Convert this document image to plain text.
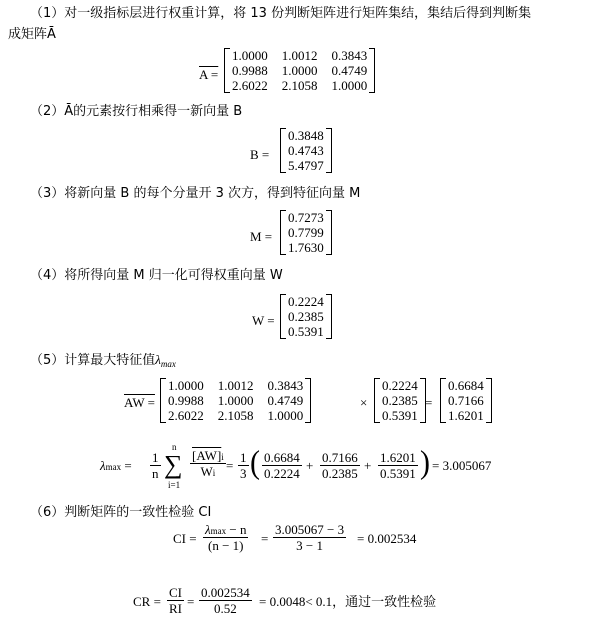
（1）对一级指标层进行权重计算，将 13 份判断矩阵进行矩阵集结，集结后得到判断集
成矩阵Ā
A =
1.0000 1.0012 0.3843
0.9988 1.0000 0.4749
2.6022 2.1058 1.0000
（2）Ā的元素按行相乘得一新向量 B
B =
0.3848
0.4743
5.4797
（3）将新向量 B 的每个分量开 3 次方，得到特征向量 M
M =
0.7273
0.7799
1.7630
（4）将所得向量 M 归一化可得权重向量 W
W =
0.2224
0.2385
0.5391
（5）计算最大特征值$\lambda_{max}$
AW =
1.0000 1.0012 0.3843
0.9988 1.0000 0.4749
2.6022 2.1058 1.0000
×
0.2224
0.2385
0.5391
=
0.6684
0.7166
1.6201
$\lambda\max = \frac{1}{n}$
n
∑
i=1
$\frac{[AW]i}{Wi} = \frac{1}{3}$ ( $\frac{0.6684}{0.2224} + \frac{0.7166}{0.2385} + \frac{1.6201}{0.5391}$ ) = 3.005067
（6）判断矩阵的一致性检验 CI
CI =
λmax − n
$(n - 1) = \frac{3.005067 - 3}{3 - 1} = 0.002534$
CR = $\frac{CI}{RI} = \frac{0.002534}{0.52} = 0.0048< 0.1$，通过一致性检验
